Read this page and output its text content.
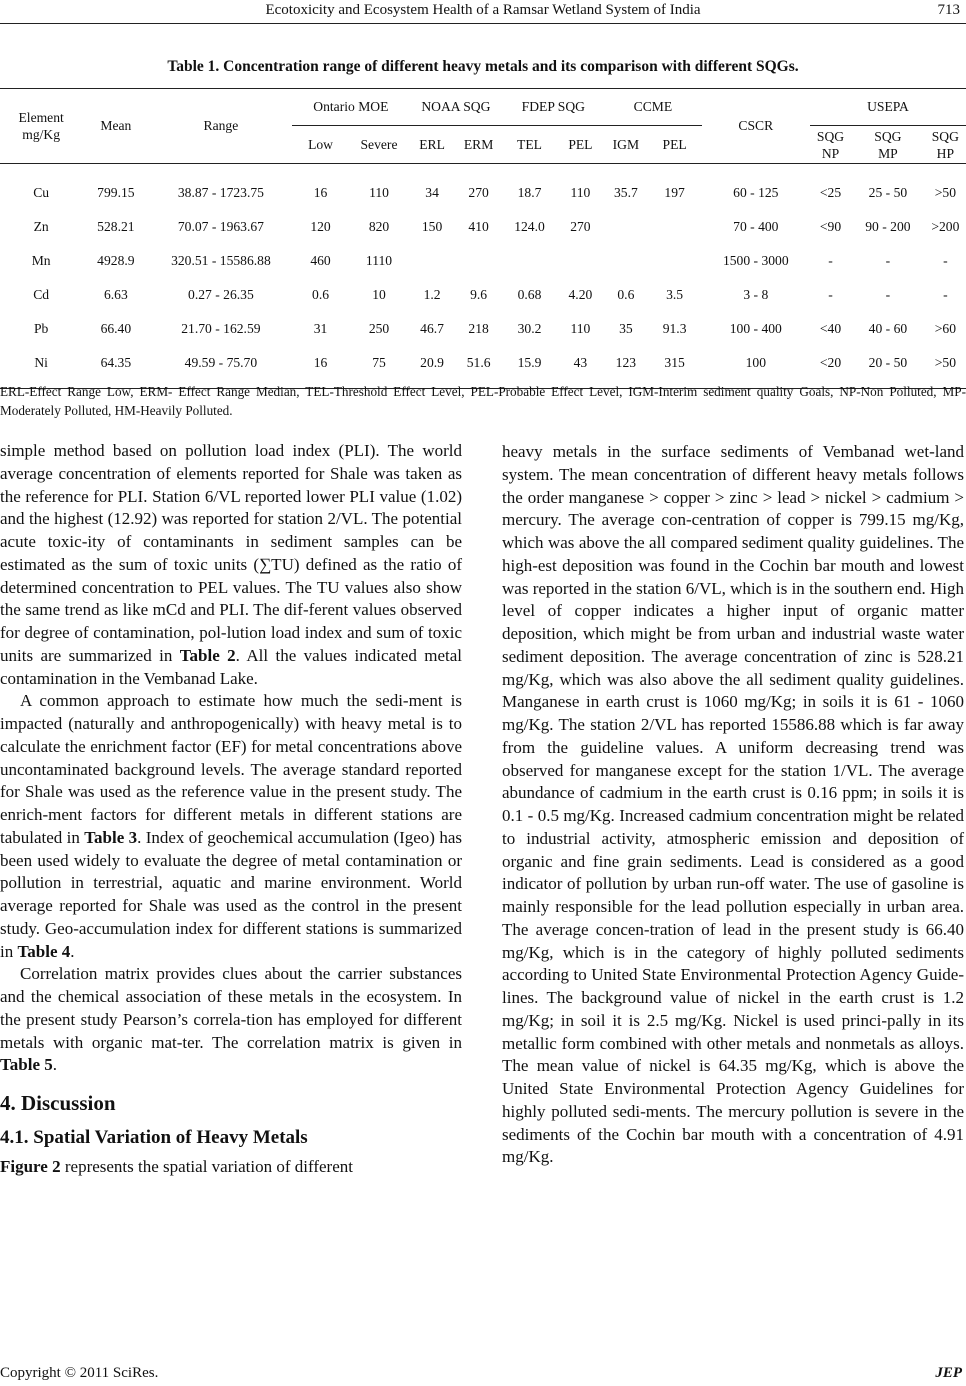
Ecotoxicity and Ecosystem Health of a Ramsar Wetland System of India	713
Table 1. Concentration range of different heavy metals and its comparison with different SQGs.
Element mg/Kg	Mean	Range	Ontario MOE		NOAA SQG		FDEP SQG		CCME		CSCR	USEPA		
			Low	Severe	ERL	ERM	TEL	PEL	IGM	PEL		SQG NP	SQG MP	SQG HP
Cu	799.15	38.87 - 1723.75	16	110	34	270	18.7	110	35.7	197	60 - 125	<25	25 - 50	>50
Zn	528.21	70.07 - 1963.67	120	820	150	410	124.0	270			70 - 400	<90	90 - 200	>200
Mn	4928.9	320.51 - 15586.88	460	1110							1500 - 3000	-	-	-
Cd	6.63	0.27 - 26.35	0.6	10	1.2	9.6	0.68	4.20	0.6	3.5	3 - 8	-	-	-
Pb	66.40	21.70 - 162.59	31	250	46.7	218	30.2	110	35	91.3	100 - 400	<40	40 - 60	>60
Ni	64.35	49.59 - 75.70	16	75	20.9	51.6	15.9	43	123	315	100	<20	20 - 50	>50
ERL-Effect Range Low, ERM- Effect Range Median, TEL-Threshold Effect Level, PEL-Probable Effect Level, IGM-Interim sediment quality Goals, NP-Non Polluted, MP-Moderately Polluted, HM-Heavily Polluted.

simple method based on pollution load index (PLI). The world average concentration of elements reported for Shale was taken as the reference for PLI. Station 6/VL reported lower PLI value (1.02) and the highest (12.92) was reported for station 2/VL. The potential acute toxic-ity of contaminants in sediment samples can be estimated as the sum of toxic units (∑TU) defined as the ratio of determined concentration to PEL values. The TU values also show the same trend as like mCd and PLI. The dif-ferent values observed for degree of contamination, pol-lution load index and sum of toxic units are summarized in Table 2. All the values indicated metal contamination in the Vembanad Lake.

A common approach to estimate how much the sedi-ment is impacted (naturally and anthropogenically) with heavy metal is to calculate the enrichment factor (EF) for metal concentrations above uncontaminated background levels. The average standard reported for Shale was used as the reference value in the present study. The enrich-ment factors for different metals in different stations are tabulated in Table 3. Index of geochemical accumulation (Igeo) has been used widely to evaluate the degree of metal contamination or pollution in terrestrial, aquatic and marine environment. World average reported for Shale was used as the control in the present study. Geo-accumulation index for different stations is summarized in Table 4.

Correlation matrix provides clues about the carrier substances and the chemical association of these metals in the ecosystem. In the present study Pearson’s correla-tion has employed for different metals with organic mat-ter. The correlation matrix is given in Table 5.

4. Discussion
4.1. Spatial Variation of Heavy Metals

Figure 2 represents the spatial variation of different

heavy metals in the surface sediments of Vembanad wet-land system. The mean concentration of different heavy metals follows the order manganese > copper > zinc > lead > nickel > cadmium > mercury. The average con-centration of copper is 799.15 mg/Kg, which was above the all compared sediment quality guidelines. The high-est deposition was found in the Cochin bar mouth and lowest was reported in the station 6/VL, which is in the southern end. High level of copper indicates a higher input of organic matter deposition, which might be from urban and industrial waste water sediment deposition. The average concentration of zinc is 528.21 mg/Kg, which was also above the all sediment quality guidelines. Manganese in earth crust is 1060 mg/Kg; in soils it is 61 - 1060 mg/Kg. The station 2/VL has reported 15586.88 which is far away from the guideline values. A uniform decreasing trend was observed for manganese except for the station 1/VL. The average abundance of cadmium in the earth crust is 0.16 ppm; in soils it is 0.1 - 0.5 mg/Kg. Increased cadmium concentration might be related to industrial activity, atmospheric emission and deposition of organic and fine grain sediments. Lead is considered as a good indicator of pollution by urban run-off water. The use of gasoline is mainly responsible for the lead pollution especially in urban area. The average concen-tration of lead in the present study is 66.40 mg/Kg, which is in the category of highly polluted sediments according to United State Environmental Protection Agency Guide-lines. The background value of nickel in the earth crust is 1.2 mg/Kg; in soil it is 2.5 mg/Kg. Nickel is used princi-pally in its metallic form combined with other metals and nonmetals as alloys. The mean value of nickel is 64.35 mg/Kg, which is above the United State Environmental Protection Agency Guidelines for highly polluted sedi-ments. The mercury pollution is severe in the sediments of the Cochin bar mouth with a concentration of 4.91 mg/Kg.

Copyright © 2011 SciRes.	JEP
